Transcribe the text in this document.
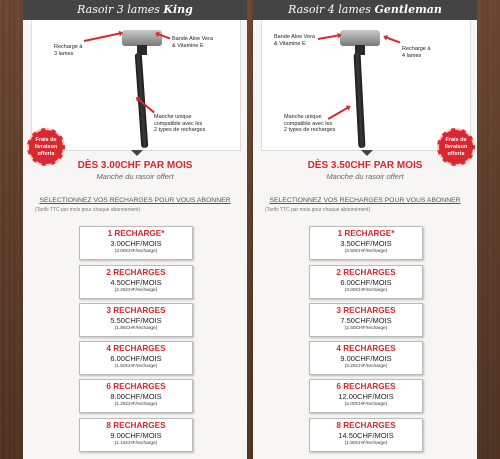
Rasoir 3 lames King
Recharge à
3 lames
Bande Aloe Vera
& Vitamine E
Manche unique
compatible avec les
2 types de recharges
Frais de
livraison
offerts
DÈS 3.00CHF PAR MOIS
Manche du rasoir offert
SELECTIONNEZ VOS RECHARGES POUR VOUS ABONNER
(Tarifs TTC par mois pour chaque abonnement)
1 RECHARGE*
3.00CHF/MOIS
(3.00CHF/recharge)
2 RECHARGES
4.50CHF/MOIS
(2.25CHF/recharge)
3 RECHARGES
5.50CHF/MOIS
(1.85CHF/recharge)
4 RECHARGES
6.00CHF/MOIS
(1.50CHF/recharge)
6 RECHARGES
8.00CHF/MOIS
(1.25CHF/recharge)
8 RECHARGES
9.00CHF/MOIS
(1.15CHF/recharge)
Rasoir 4 lames Gentleman
Bande Aloe Vera
& Vitamine E
Recharge à
4 lames
Manche unique
compatible avec les
2 types de recharges
Frais de
livraison
offerts
DÈS 3.50CHF PAR MOIS
Manche du rasoir offert
SELECTIONNEZ VOS RECHARGES POUR VOUS ABONNER
(Tarifs TTC par mois pour chaque abonnement)
1 RECHARGE*
3.50CHF/MOIS
(3.50CHF/recharge)
2 RECHARGES
6.00CHF/MOIS
(3.00CHF/recharge)
3 RECHARGES
7.50CHF/MOIS
(2.50CHF/recharge)
4 RECHARGES
9.00CHF/MOIS
(2.25CHF/recharge)
6 RECHARGES
12.00CHF/MOIS
(2.00CHF/recharge)
8 RECHARGES
14.50CHF/MOIS
(1.80CHF/recharge)
